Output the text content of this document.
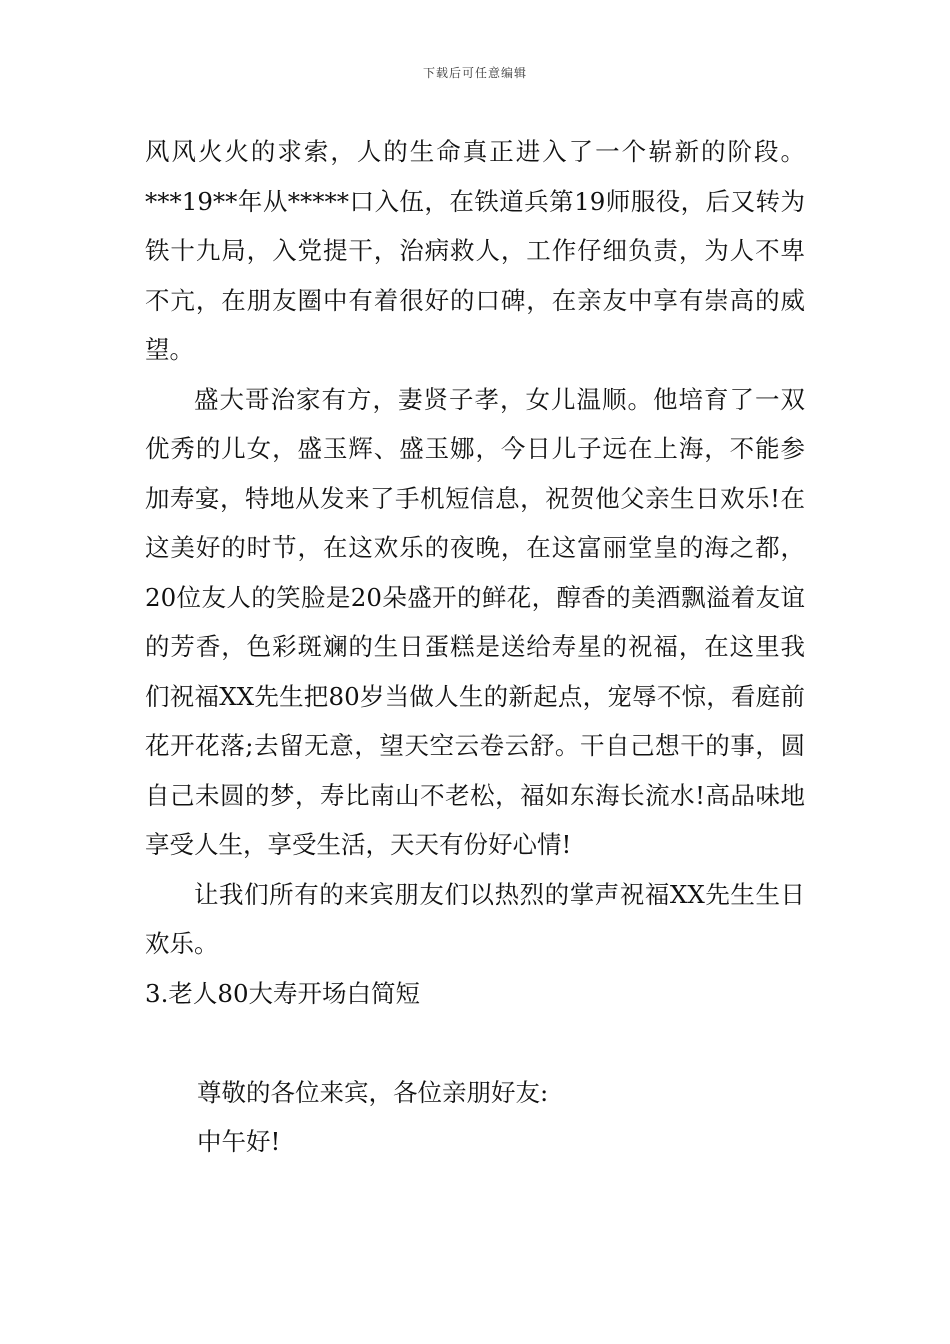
下载后可任意编辑

风风火火的求索，人的生命真正进入了一个崭新的阶段。***19**年从*****口入伍，在铁道兵第19师服役，后又转为铁十九局，入党提干，治病救人，工作仔细负责，为人不卑不亢，在朋友圈中有着很好的口碑，在亲友中享有崇高的威望。

盛大哥治家有方，妻贤子孝，女儿温顺。他培育了一双优秀的儿女，盛玉辉、盛玉娜，今日儿子远在上海，不能参加寿宴，特地从发来了手机短信息，祝贺他父亲生日欢乐!在这美好的时节，在这欢乐的夜晚，在这富丽堂皇的海之都，20位友人的笑脸是20朵盛开的鲜花，醇香的美酒飘溢着友谊的芳香，色彩斑斓的生日蛋糕是送给寿星的祝福，在这里我们祝福XX先生把80岁当做人生的新起点，宠辱不惊，看庭前花开花落;去留无意，望天空云卷云舒。干自己想干的事，圆自己未圆的梦，寿比南山不老松，福如东海长流水!高品味地享受人生，享受生活，天天有份好心情!

让我们所有的来宾朋友们以热烈的掌声祝福XX先生生日欢乐。

3.老人80大寿开场白简短

尊敬的各位来宾，各位亲朋好友:

中午好!
